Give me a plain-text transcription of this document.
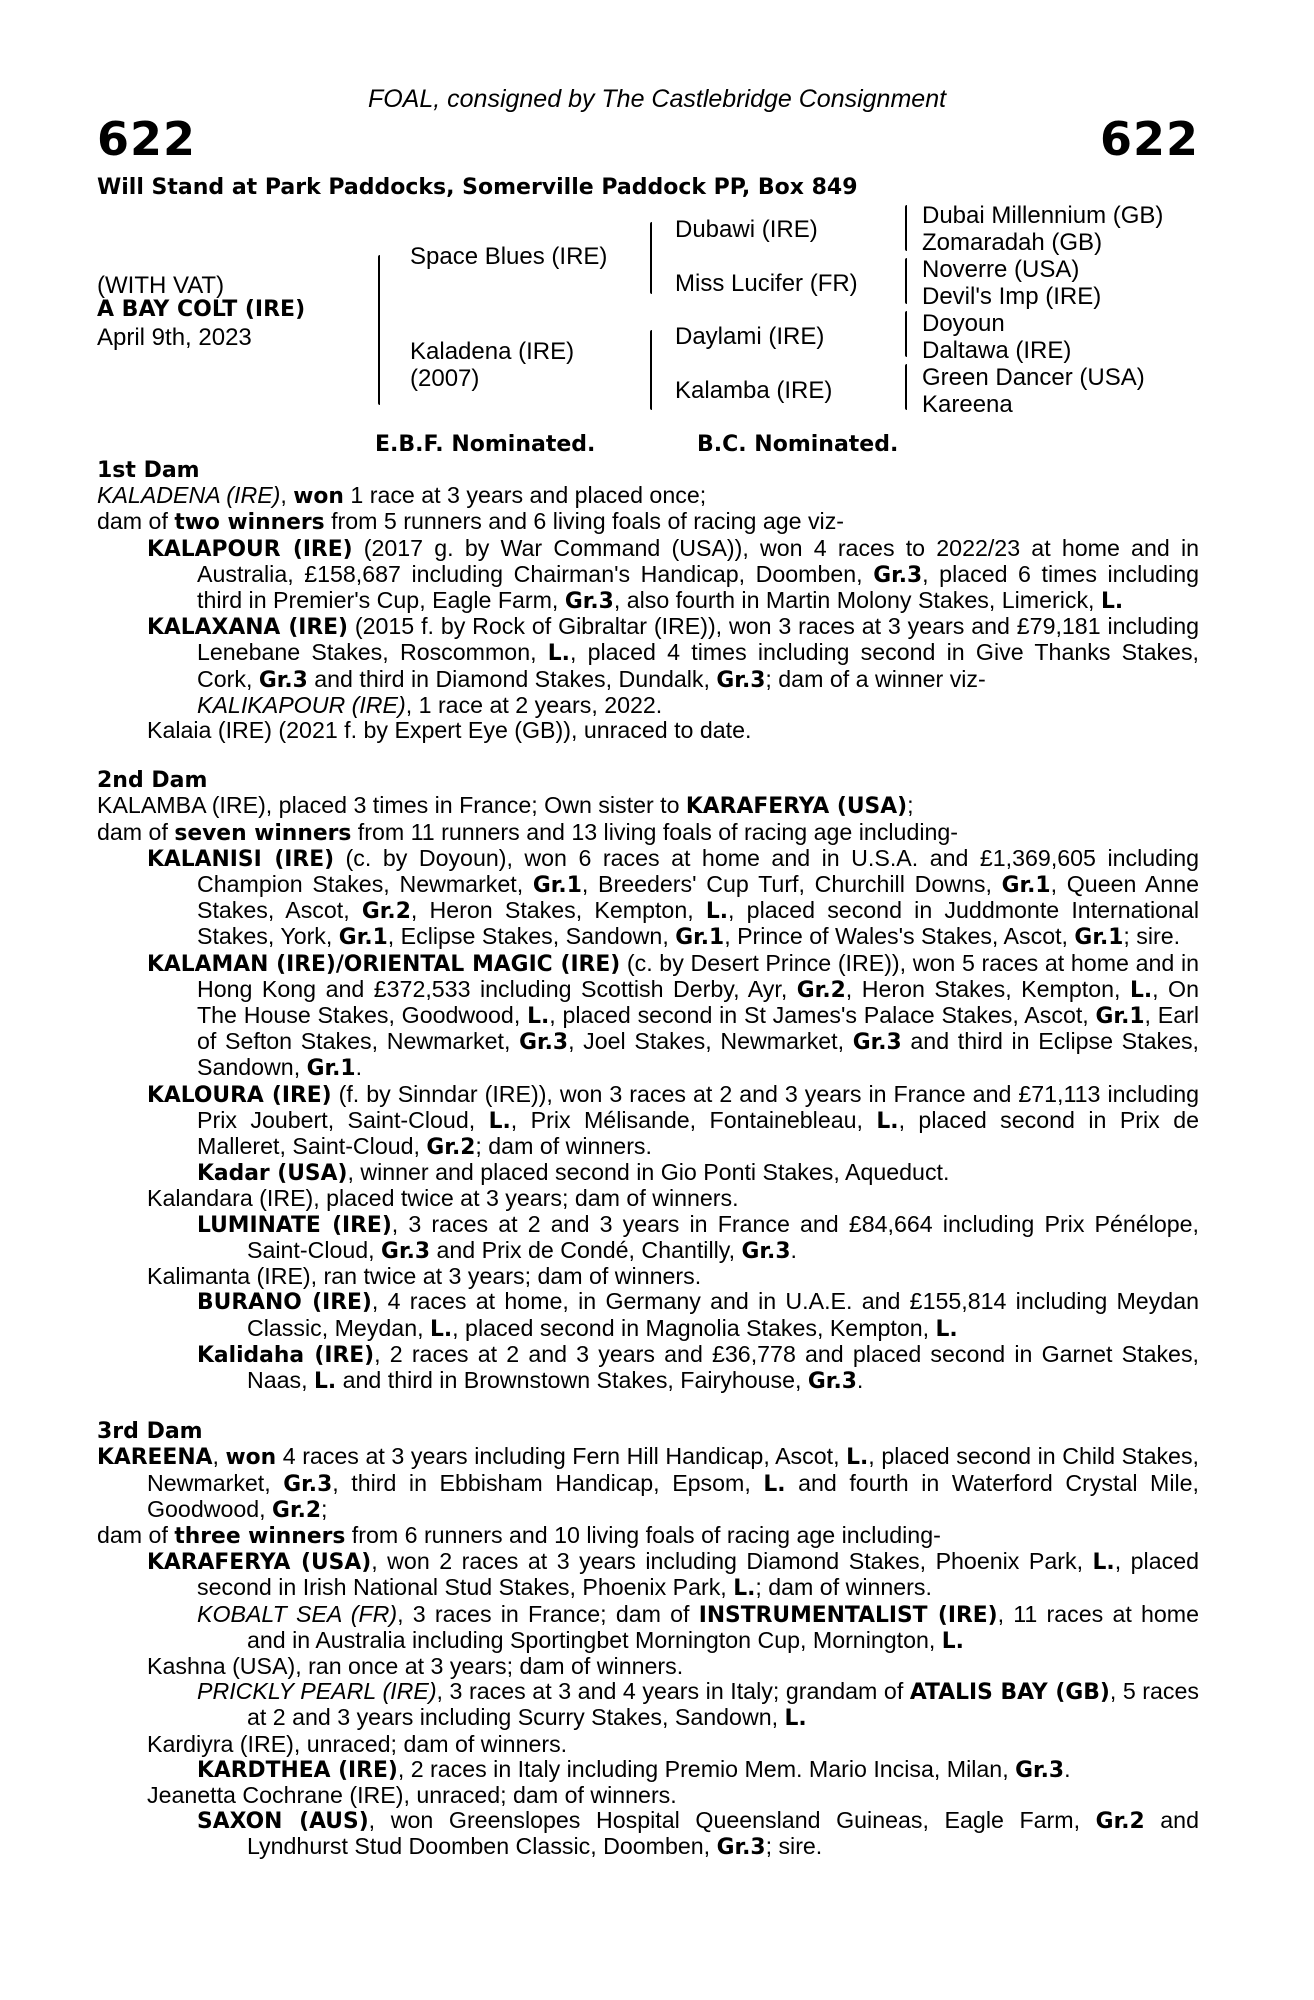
FOAL, consigned by The Castlebridge Consignment
622	622
Will Stand at Park Paddocks, Somerville Paddock PP, Box 849
(WITH VAT)
A BAY COLT (IRE)
April 9th, 2023
Space Blues (IRE)
Kaladena (IRE)
(2007)
Dubawi (IRE)
Miss Lucifer (FR)
Daylami (IRE)
Kalamba (IRE)
Dubai Millennium (GB)
Zomaradah (GB)
Noverre (USA)
Devil's Imp (IRE)
Doyoun
Daltawa (IRE)
Green Dancer (USA)
Kareena
E.B.F. Nominated.	B.C. Nominated.

1st Dam

KALADENA (IRE), won 1 race at 3 years and placed once;

dam of two winners from 5 runners and 6 living foals of racing age viz-

KALAPOUR (IRE) (2017 g. by War Command (USA)), won 4 races to 2022/23 at home and in Australia, £158,687 including Chairman's Handicap, Doomben, Gr.3, placed 6 times including third in Premier's Cup, Eagle Farm, Gr.3, also fourth in Martin Molony Stakes, Limerick, L.

KALAXANA (IRE) (2015 f. by Rock of Gibraltar (IRE)), won 3 races at 3 years and £79,181 including Lenebane Stakes, Roscommon, L., placed 4 times including second in Give Thanks Stakes, Cork, Gr.3 and third in Diamond Stakes, Dundalk, Gr.3; dam of a winner viz-

KALIKAPOUR (IRE), 1 race at 2 years, 2022.

Kalaia (IRE) (2021 f. by Expert Eye (GB)), unraced to date.

2nd Dam

KALAMBA (IRE), placed 3 times in France; Own sister to KARAFERYA (USA);

dam of seven winners from 11 runners and 13 living foals of racing age including-

KALANISI (IRE) (c. by Doyoun), won 6 races at home and in U.S.A. and £1,369,605 including Champion Stakes, Newmarket, Gr.1, Breeders' Cup Turf, Churchill Downs, Gr.1, Queen Anne Stakes, Ascot, Gr.2, Heron Stakes, Kempton, L., placed second in Juddmonte International Stakes, York, Gr.1, Eclipse Stakes, Sandown, Gr.1, Prince of Wales's Stakes, Ascot, Gr.1; sire.

KALAMAN (IRE)/ORIENTAL MAGIC (IRE) (c. by Desert Prince (IRE)), won 5 races at home and in Hong Kong and £372,533 including Scottish Derby, Ayr, Gr.2, Heron Stakes, Kempton, L., On The House Stakes, Goodwood, L., placed second in St James's Palace Stakes, Ascot, Gr.1, Earl of Sefton Stakes, Newmarket, Gr.3, Joel Stakes, Newmarket, Gr.3 and third in Eclipse Stakes, Sandown, Gr.1.

KALOURA (IRE) (f. by Sinndar (IRE)), won 3 races at 2 and 3 years in France and £71,113 including Prix Joubert, Saint-Cloud, L., Prix Mélisande, Fontainebleau, L., placed second in Prix de Malleret, Saint-Cloud, Gr.2; dam of winners.

Kadar (USA), winner and placed second in Gio Ponti Stakes, Aqueduct.

Kalandara (IRE), placed twice at 3 years; dam of winners.

LUMINATE (IRE), 3 races at 2 and 3 years in France and £84,664 including Prix Pénélope, Saint-Cloud, Gr.3 and Prix de Condé, Chantilly, Gr.3.

Kalimanta (IRE), ran twice at 3 years; dam of winners.

BURANO (IRE), 4 races at home, in Germany and in U.A.E. and £155,814 including Meydan Classic, Meydan, L., placed second in Magnolia Stakes, Kempton, L.

Kalidaha (IRE), 2 races at 2 and 3 years and £36,778 and placed second in Garnet Stakes, Naas, L. and third in Brownstown Stakes, Fairyhouse, Gr.3.

3rd Dam

KAREENA, won 4 races at 3 years including Fern Hill Handicap, Ascot, L., placed second in Child Stakes, Newmarket, Gr.3, third in Ebbisham Handicap, Epsom, L. and fourth in Waterford Crystal Mile, Goodwood, Gr.2;

dam of three winners from 6 runners and 10 living foals of racing age including-

KARAFERYA (USA), won 2 races at 3 years including Diamond Stakes, Phoenix Park, L., placed second in Irish National Stud Stakes, Phoenix Park, L.; dam of winners.

KOBALT SEA (FR), 3 races in France; dam of INSTRUMENTALIST (IRE), 11 races at home and in Australia including Sportingbet Mornington Cup, Mornington, L.

Kashna (USA), ran once at 3 years; dam of winners.

PRICKLY PEARL (IRE), 3 races at 3 and 4 years in Italy; grandam of ATALIS BAY (GB), 5 races at 2 and 3 years including Scurry Stakes, Sandown, L.

Kardiyra (IRE), unraced; dam of winners.

KARDTHEA (IRE), 2 races in Italy including Premio Mem. Mario Incisa, Milan, Gr.3.

Jeanetta Cochrane (IRE), unraced; dam of winners.

SAXON (AUS), won Greenslopes Hospital Queensland Guineas, Eagle Farm, Gr.2 and Lyndhurst Stud Doomben Classic, Doomben, Gr.3; sire.
